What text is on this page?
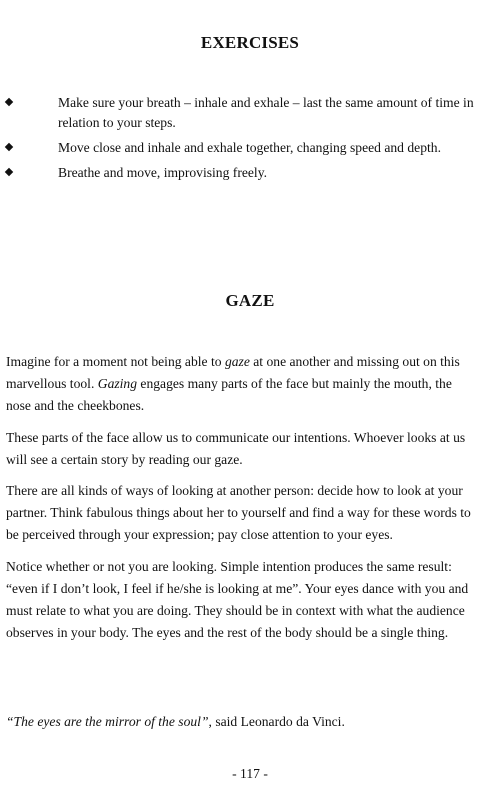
EXERCISES
Make sure your breath – inhale and exhale – last the same amount of time in relation to your steps.
Move close and inhale and exhale together, changing speed and depth.
Breathe and move, improvising freely.
GAZE

Imagine for a moment not being able to gaze at one another and missing out on this marvellous tool. Gazing engages many parts of the face but mainly the mouth, the nose and the cheekbones.

These parts of the face allow us to communicate our intentions. Whoever looks at us will see a certain story by reading our gaze.

There are all kinds of ways of looking at another person: decide how to look at your partner. Think fabulous things about her to yourself and find a way for these words to be perceived through your expression; pay close attention to your eyes.

Notice whether or not you are looking. Simple intention produces the same result: “even if I don’t look, I feel if he/she is looking at me”. Your eyes dance with you and must relate to what you are doing. They should be in context with what the audience observes in your body. The eyes and the rest of the body should be a single thing.

“The eyes are the mirror of the soul”, said Leonardo da Vinci.
- 117 -
